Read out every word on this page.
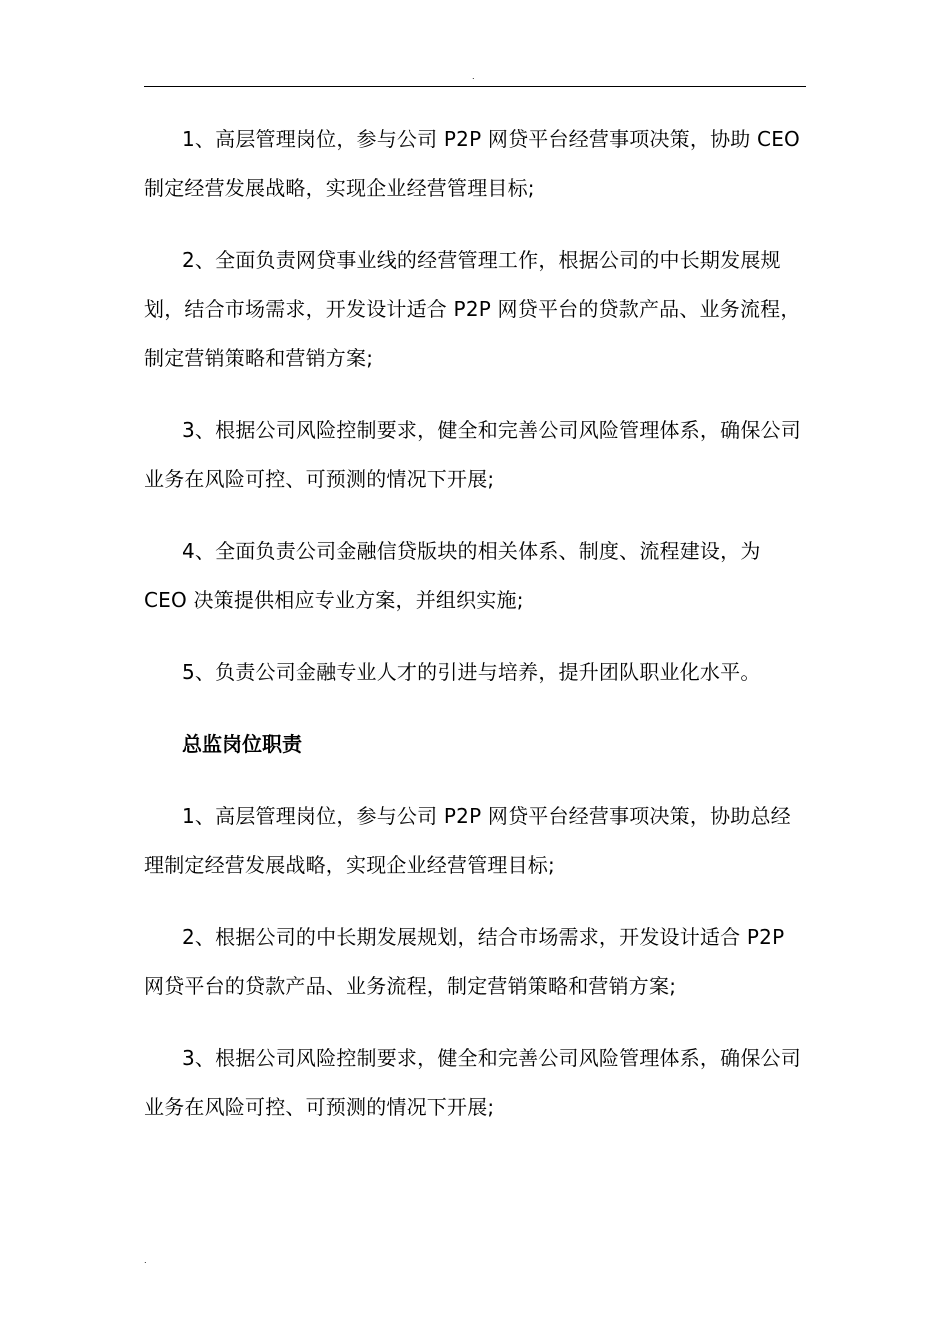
.

1、高层管理岗位，参与公司 P2P 网贷平台经营事项决策，协助 CEO 制定经营发展战略，实现企业经营管理目标;

2、全面负责网贷事业线的经营管理工作，根据公司的中长期发展规划，结合市场需求，开发设计适合 P2P 网贷平台的贷款产品、业务流程，制定营销策略和营销方案;

3、根据公司风险控制要求，健全和完善公司风险管理体系，确保公司业务在风险可控、可预测的情况下开展;

4、全面负责公司金融信贷版块的相关体系、制度、流程建设，为 CEO 决策提供相应专业方案，并组织实施;

5、负责公司金融专业人才的引进与培养，提升团队职业化水平。

总监岗位职责

1、高层管理岗位，参与公司 P2P 网贷平台经营事项决策，协助总经理制定经营发展战略，实现企业经营管理目标;

2、根据公司的中长期发展规划，结合市场需求，开发设计适合 P2P 网贷平台的贷款产品、业务流程，制定营销策略和营销方案;

3、根据公司风险控制要求，健全和完善公司风险管理体系，确保公司业务在风险可控、可预测的情况下开展;

.
